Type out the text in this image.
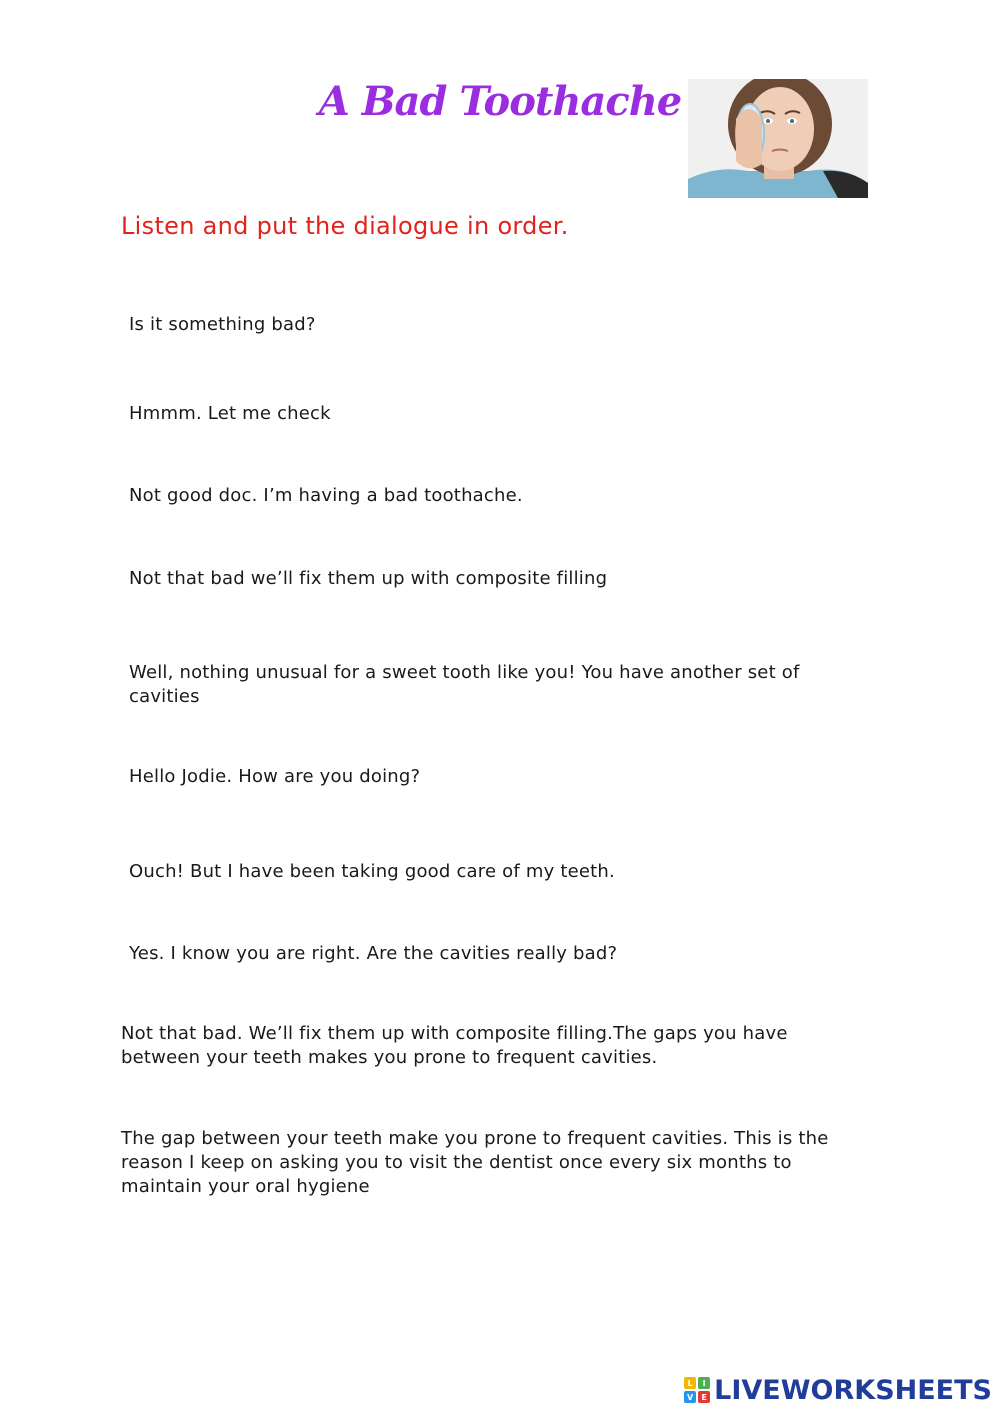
A Bad Toothache
Listen and put the dialogue in order.
Is it something bad?
Hmmm. Let me check
Not good doc. I’m having a bad toothache.
Not that bad we’ll fix them up with composite filling
Well, nothing unusual for a sweet tooth like you! You have another set of cavities
Hello Jodie. How are you doing?
Ouch! But I have been taking good care of my teeth.
Yes. I know you are right. Are the cavities really bad?
Not that bad. We’ll fix them up with composite filling.The gaps you have between your teeth makes you prone to frequent cavities.
The gap between your teeth make you prone to frequent cavities. This is the reason I keep on asking you to visit the dentist once every six months to maintain your oral hygiene
L	I
V	E LIVEWORKSHEETS
